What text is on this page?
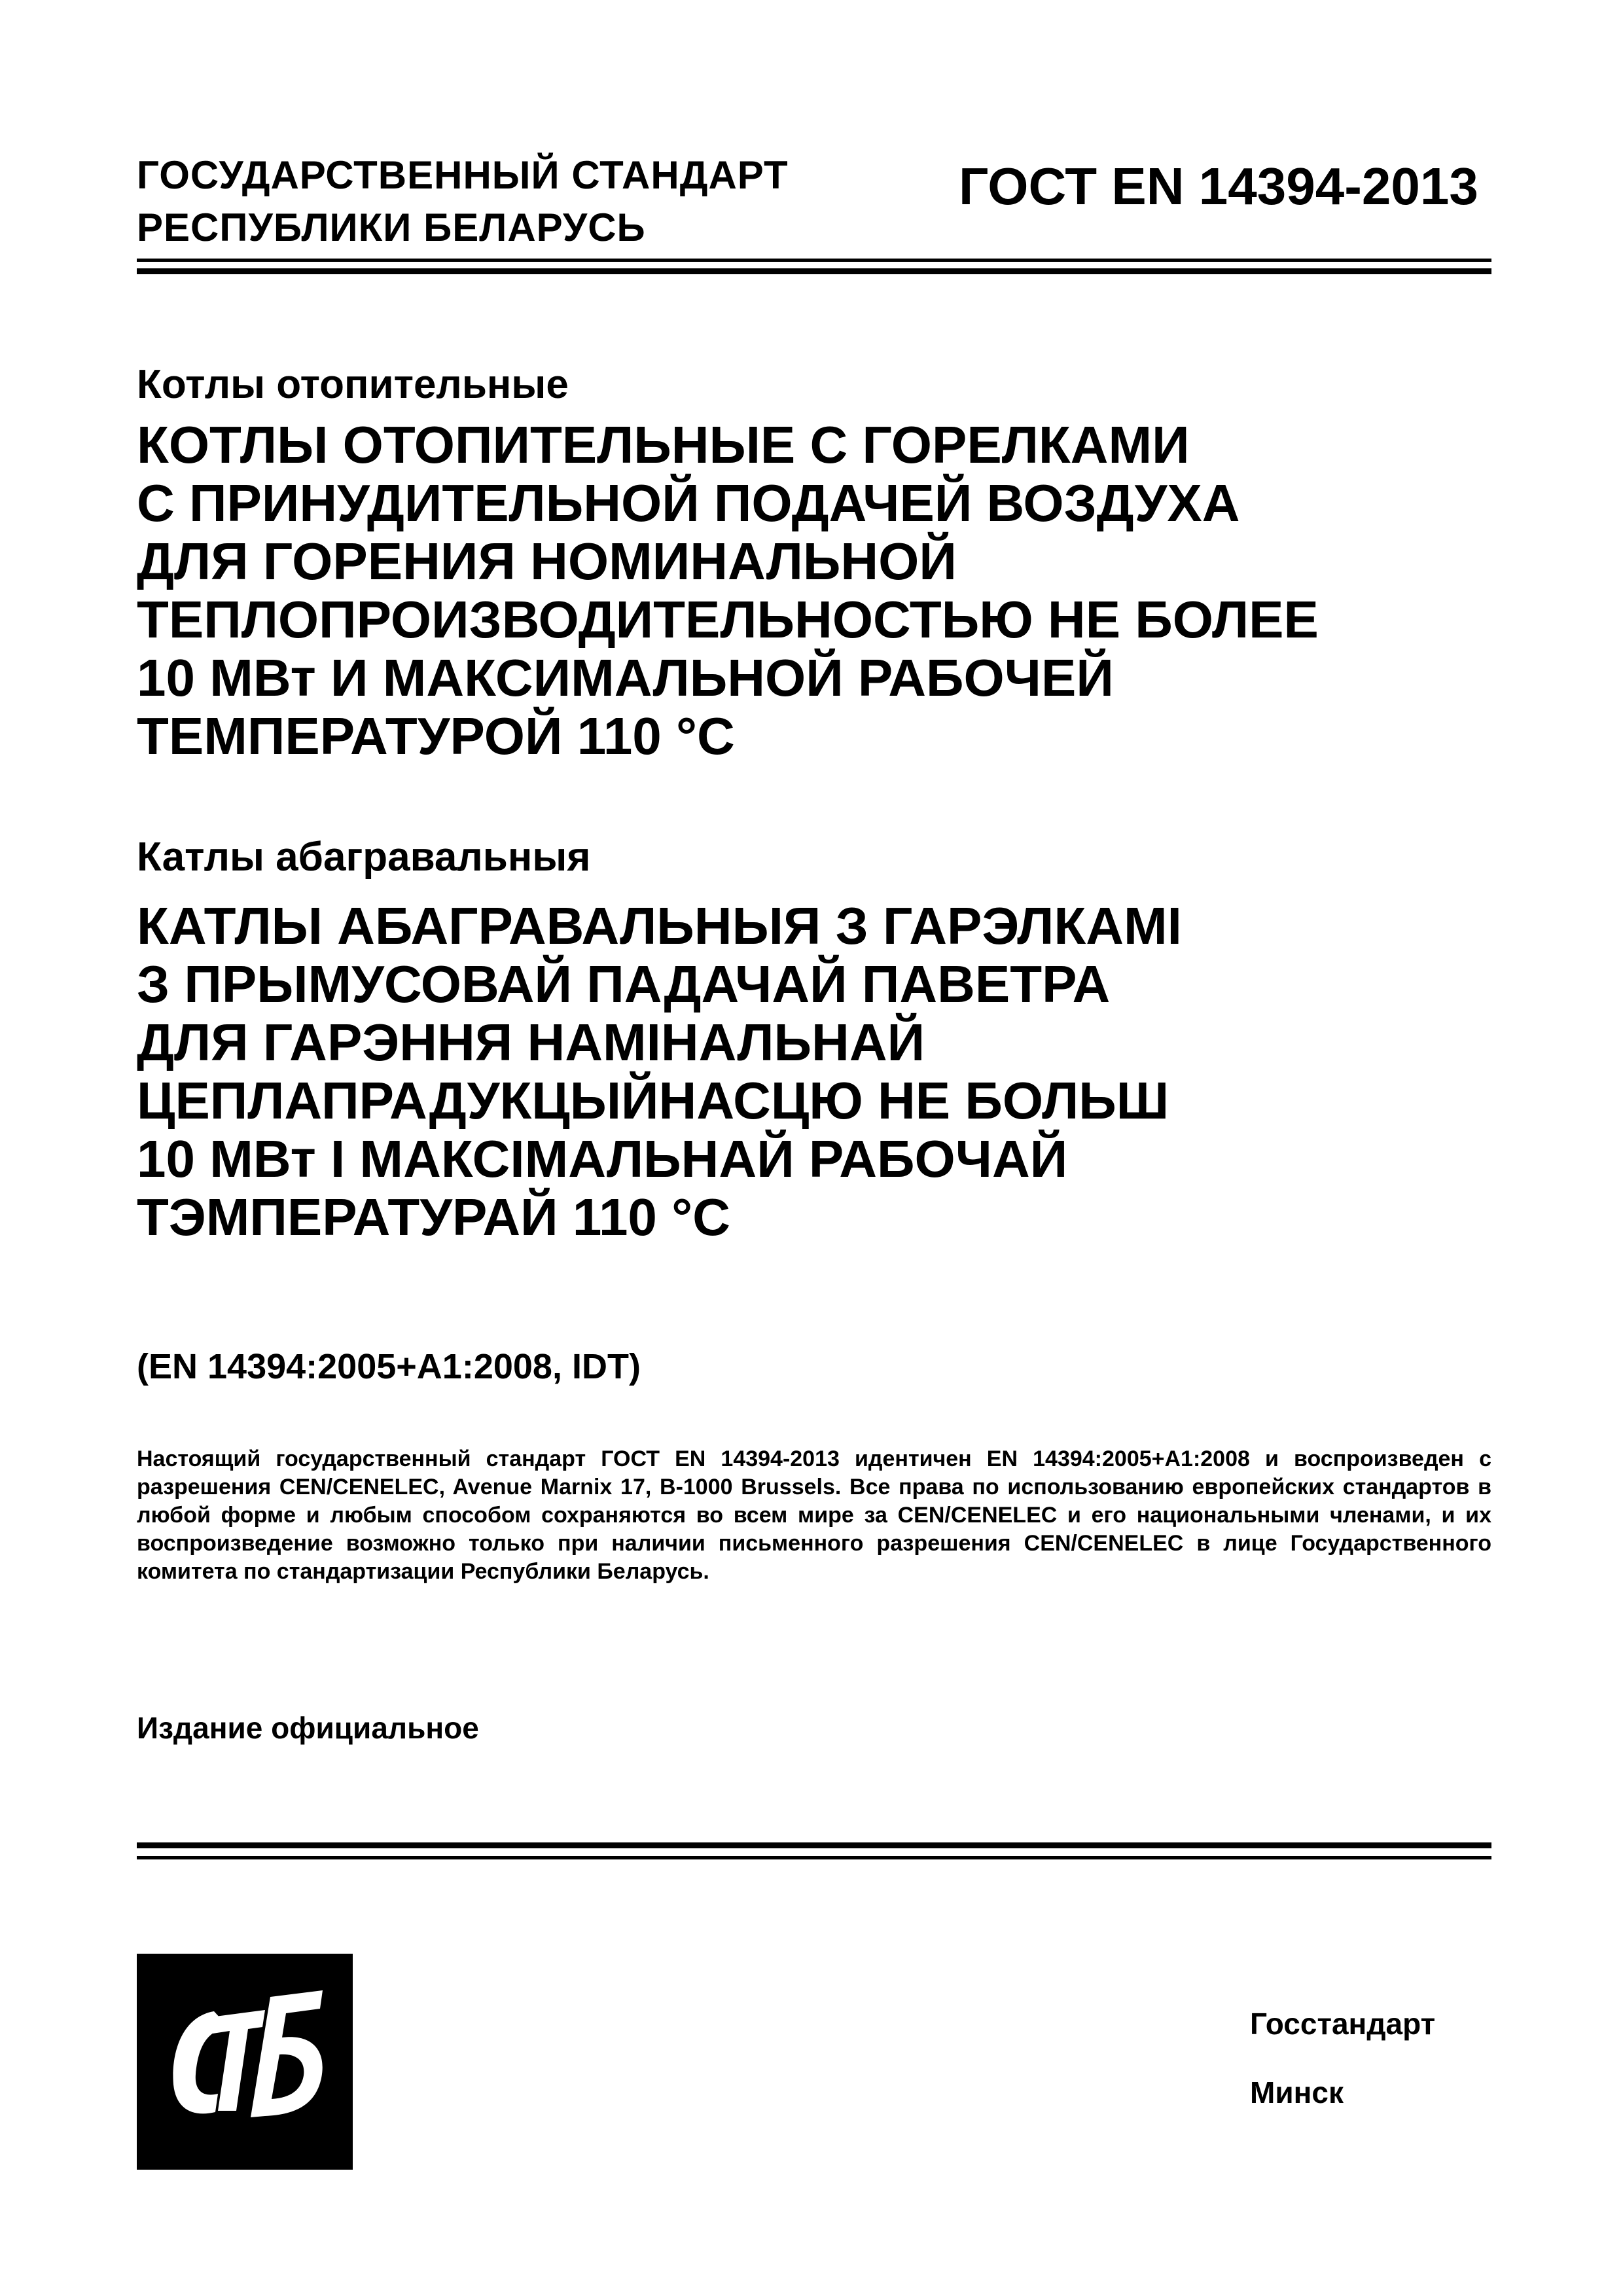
ГОСУДАРСТВЕННЫЙ СТАНДАРТ
РЕСПУБЛИКИ БЕЛАРУСЬ
ГОСТ EN 14394-2013
Котлы отопительные
КОТЛЫ ОТОПИТЕЛЬНЫЕ С ГОРЕЛКАМИ
С ПРИНУДИТЕЛЬНОЙ ПОДАЧЕЙ ВОЗДУХА
ДЛЯ ГОРЕНИЯ НОМИНАЛЬНОЙ
ТЕПЛОПРОИЗВОДИТЕЛЬНОСТЬЮ НЕ БОЛЕЕ
10 МВт И МАКСИМАЛЬНОЙ РАБОЧЕЙ
ТЕМПЕРАТУРОЙ 110 °С
Катлы абагравальныя
КАТЛЫ АБАГРАВАЛЬНЫЯ З ГАРЭЛКАМІ
З ПРЫМУСОВАЙ ПАДАЧАЙ ПАВЕТРА
ДЛЯ ГАРЭННЯ НАМІНАЛЬНАЙ
ЦЕПЛАПРАДУКЦЫЙНАСЦЮ НЕ БОЛЬШ
10 МВт І МАКСІМАЛЬНАЙ РАБОЧАЙ
ТЭМПЕРАТУРАЙ 110 °С
(EN 14394:2005+A1:2008, IDT)
Настоящий государственный стандарт ГОСТ EN 14394-2013 идентичен EN 14394:2005+A1:2008 и воспроизведен с разрешения CEN/CENELEC, Avenue Marnix 17, B-1000 Brussels. Все права по использованию европейских стандартов в любой форме и любым способом сохраняются во всем мире за CEN/CENELEC и его национальными членами, и их воспроизведение возможно только при наличии письменного разрешения CEN/CENELEC в лице Государственного комитета по стандартизации Республики Беларусь.
Издание официальное
Госстандарт
Минск
